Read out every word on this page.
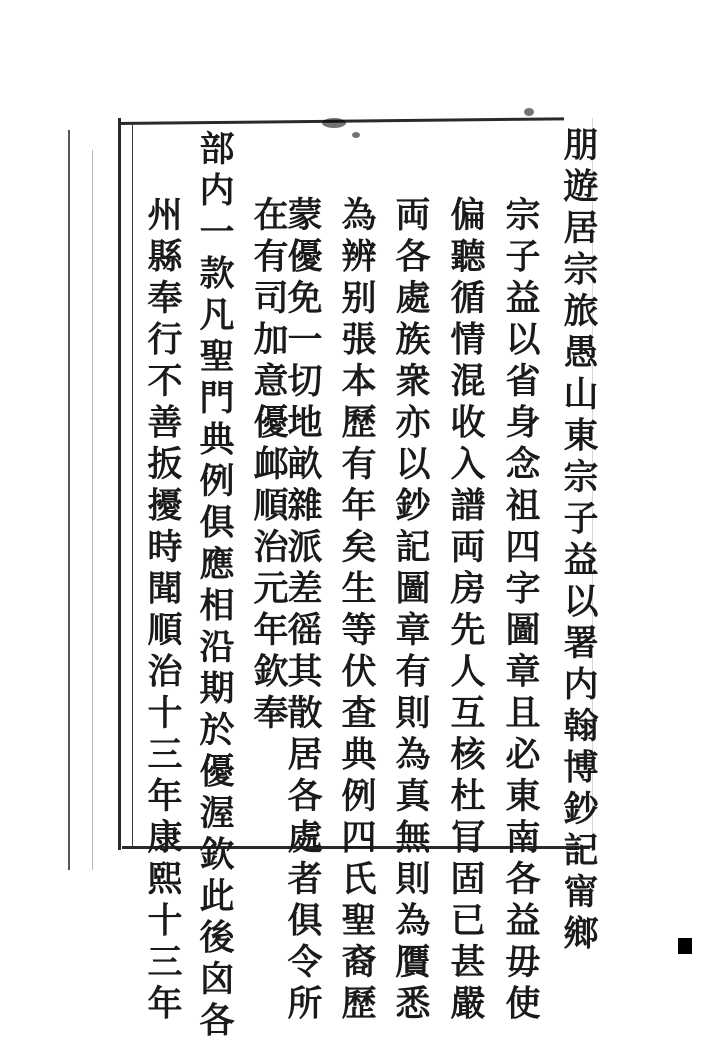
朋遊居宗旅愚山東宗子益以署内翰博鈔記甯鄉
宗子益以省身念祖四字圖章且必東南各益毋使
偏聽循情混收入譜両房先人互核杜肎固已甚嚴
両各處族衆亦以鈔記圖章有則為真無則為贋悉
為辨别張本歷有年矣生等伏查典例四氏聖裔歷
蒙優免一切地畝雜派差徭其散居各處者俱令所
在有司加意優䘏順治元年欽奉
部内一款凡聖門典例俱應相沿期於優渥欽此後囟各
州縣奉行不善扳擾時聞順治十三年康熙十三年
